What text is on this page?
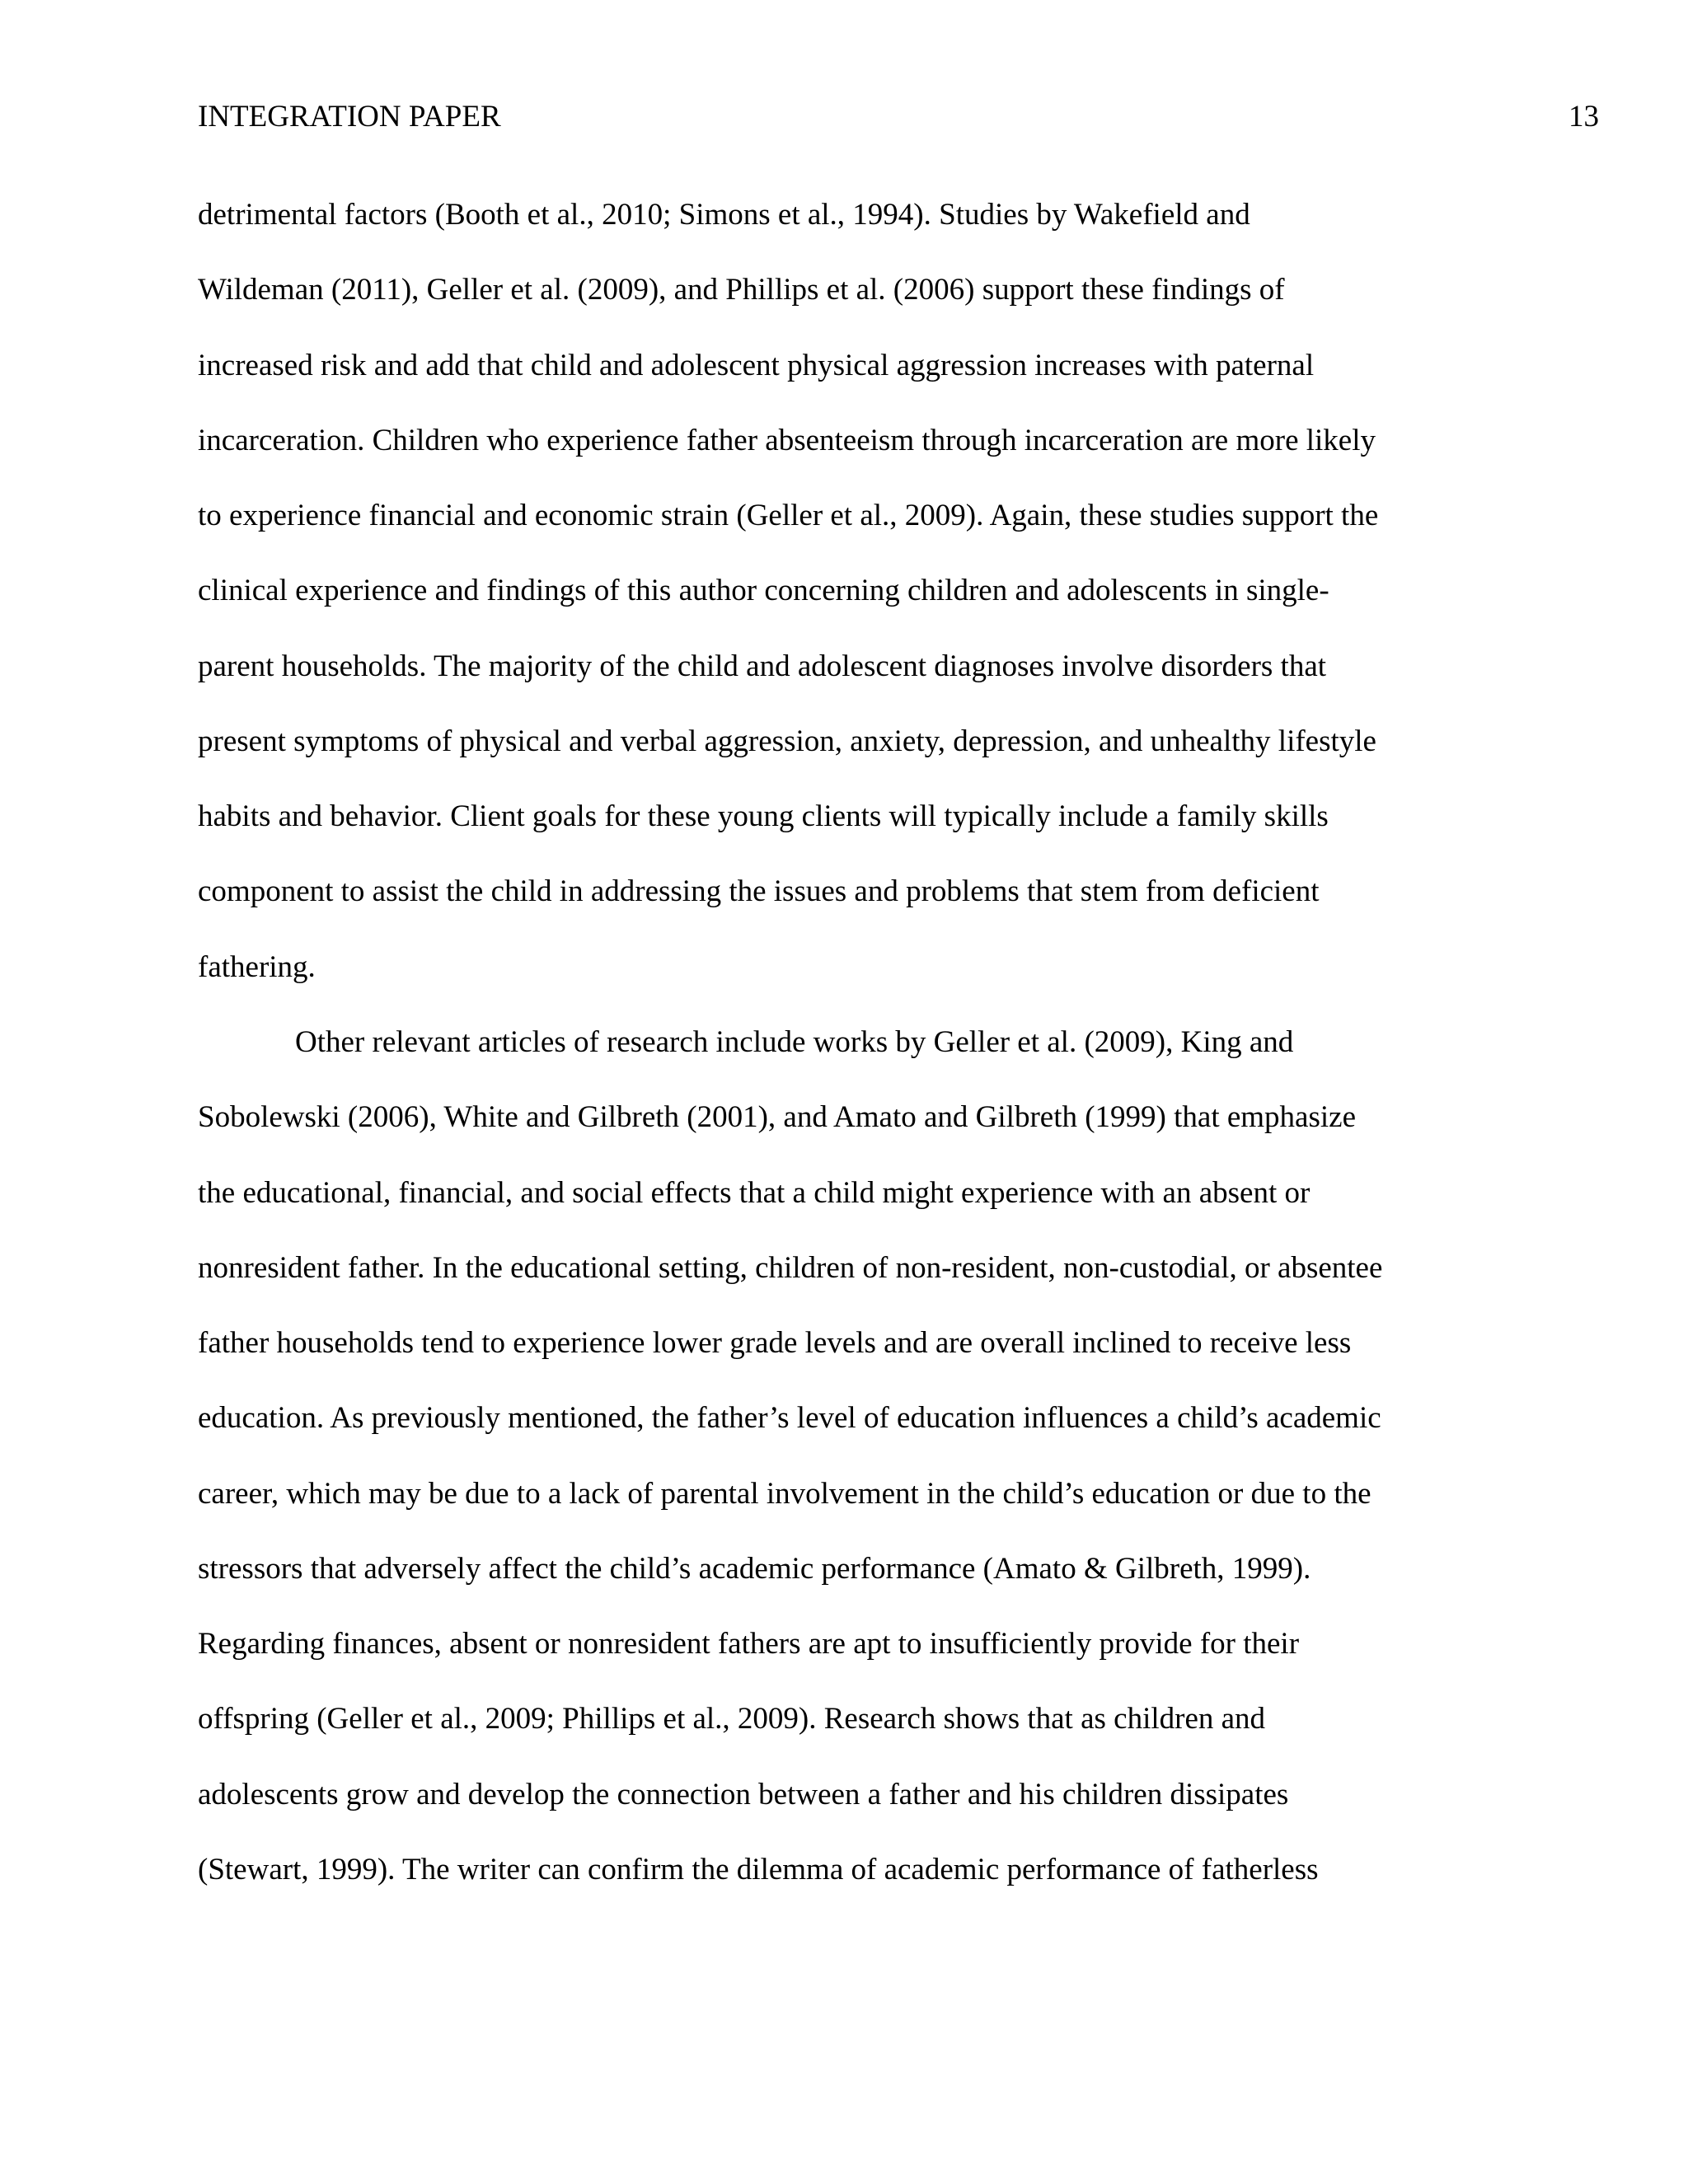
INTEGRATION PAPER	13
detrimental factors (Booth et al., 2010; Simons et al., 1994). Studies by Wakefield and
Wildeman (2011), Geller et al. (2009), and Phillips et al. (2006) support these findings of
increased risk and add that child and adolescent physical aggression increases with paternal
incarceration. Children who experience father absenteeism through incarceration are more likely
to experience financial and economic strain (Geller et al., 2009). Again, these studies support the
clinical experience and findings of this author concerning children and adolescents in single-
parent households. The majority of the child and adolescent diagnoses involve disorders that
present symptoms of physical and verbal aggression, anxiety, depression, and unhealthy lifestyle
habits and behavior. Client goals for these young clients will typically include a family skills
component to assist the child in addressing the issues and problems that stem from deficient
fathering.
Other relevant articles of research include works by Geller et al. (2009), King and
Sobolewski (2006), White and Gilbreth (2001), and Amato and Gilbreth (1999) that emphasize
the educational, financial, and social effects that a child might experience with an absent or
nonresident father. In the educational setting, children of non-resident, non-custodial, or absentee
father households tend to experience lower grade levels and are overall inclined to receive less
education. As previously mentioned, the father’s level of education influences a child’s academic
career, which may be due to a lack of parental involvement in the child’s education or due to the
stressors that adversely affect the child’s academic performance (Amato & Gilbreth, 1999).
Regarding finances, absent or nonresident fathers are apt to insufficiently provide for their
offspring (Geller et al., 2009; Phillips et al., 2009). Research shows that as children and
adolescents grow and develop the connection between a father and his children dissipates
(Stewart, 1999). The writer can confirm the dilemma of academic performance of fatherless
